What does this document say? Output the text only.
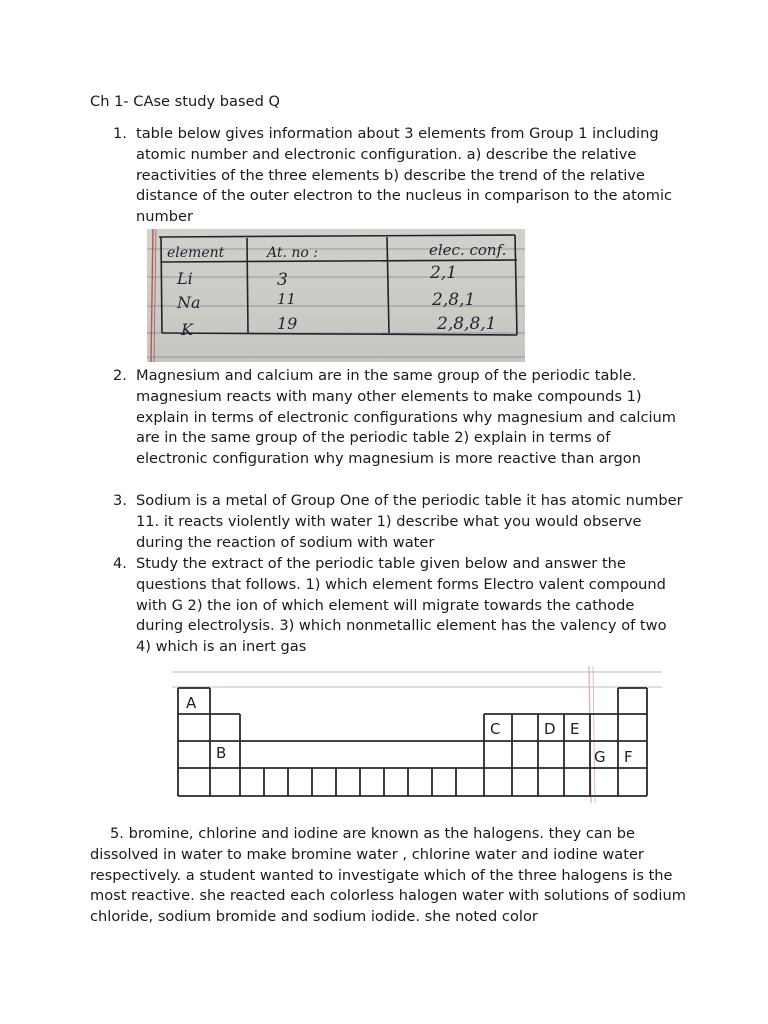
Ch 1- CAse study based Q
1. table below gives information about 3 elements from Group 1 including atomic number and electronic configuration. a) describe the relative reactivities of the three elements b) describe the trend of the relative distance of the outer electron to the nucleus in comparison to the atomic number
element	At. no :	elec. conf.
Li	3	2,1
Na	11	2,8,1
K	19	2,8,8,1
2. Magnesium and calcium are in the same group of the periodic table. magnesium reacts with many other elements to make compounds 1) explain in terms of electronic configurations why magnesium and calcium are in the same group of the periodic table 2) explain in terms of electronic configuration why magnesium is more reactive than argon
3. Sodium is a metal of Group One of the periodic table it has atomic number 11. it reacts violently with water 1) describe what you would observe during the reaction of sodium with water
4. Study the extract of the periodic table given below and answer the questions that follows. 1) which element forms Electro valent compound with G 2) the ion of which element will migrate towards the cathode during electrolysis. 3) which nonmetallic element has the valency of two 4) which is an inert gas
A
B
C	D E
G F

5. bromine, chlorine and iodine are known as the halogens. they can be dissolved in water to make bromine water , chlorine water and iodine water respectively. a student wanted to investigate which of the three halogens is the most reactive. she reacted each colorless halogen water with solutions of sodium chloride, sodium bromide and sodium iodide. she noted color
